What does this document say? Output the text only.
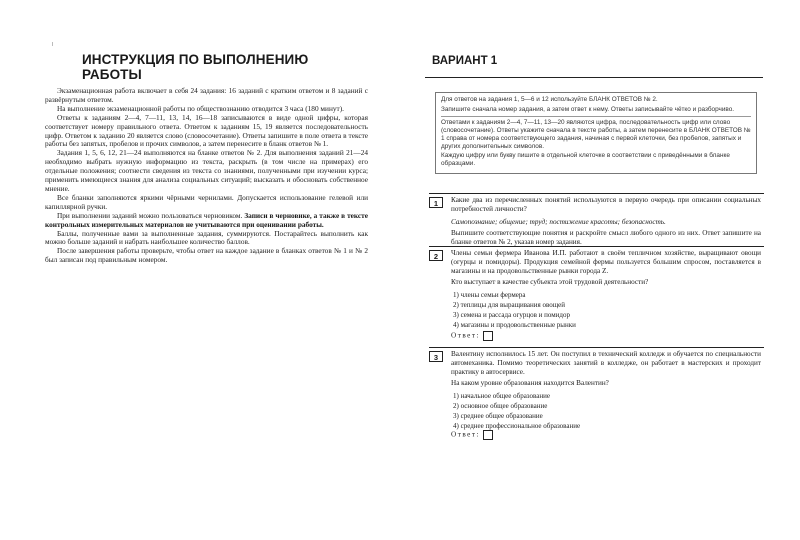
ИНСТРУКЦИЯ ПО ВЫПОЛНЕНИЮ РАБОТЫ

Экзаменационная работа включает в себя 24 задания: 16 заданий с кратким ответом и 8 заданий с развёрнутым ответом.

На выполнение экзаменационной работы по обществознанию отводится 3 часа (180 минут).

Ответы к заданиям 2—4, 7—11, 13, 14, 16—18 записываются в виде одной цифры, которая соответствует номеру правильного ответа. Ответом к заданиям 15, 19 является последовательность цифр. Ответом к заданию 20 является слово (словосочетание). Ответы запишите в поле ответа в тексте работы без запятых, пробелов и прочих символов, а затем перенесите в бланк ответов № 1.

Задания 1, 5, 6, 12, 21—24 выполняются на бланке ответов № 2. Для выполнения заданий 21—24 необходимо выбрать нужную информацию из текста, раскрыть (в том числе на примерах) его отдельные положения; соотнести сведения из текста со знаниями, полученными при изучении курса; применить имеющиеся знания для анализа социальных ситуаций; высказать и обосновать собственное мнение.

Все бланки заполняются яркими чёрными чернилами. Допускается использование гелевой или капиллярной ручки.

При выполнении заданий можно пользоваться черновиком. Записи в черновике, а также в тексте контрольных измерительных материалов не учитываются при оценивании работы.

Баллы, полученные вами за выполненные задания, суммируются. Постарайтесь выполнить как можно больше заданий и набрать наибольшее количество баллов.

После завершения работы проверьте, чтобы ответ на каждое задание в бланках ответов № 1 и № 2 был записан под правильным номером.

ВАРИАНТ 1
Для ответов на задания 1, 5—6 и 12 используйте БЛАНК ОТВЕТОВ № 2.
Запишите сначала номер задания, а затем ответ к нему. Ответы записывайте чётко и разборчиво.
Ответами к заданиям 2—4, 7—11, 13—20 являются цифра, последовательность цифр или слово (словосочетание). Ответы укажите сначала в тексте работы, а затем перенесите в БЛАНК ОТВЕТОВ № 1 справа от номера соответствующего задания, начиная с первой клеточки, без пробелов, запятых и других дополнительных символов.
Каждую цифру или букву пишите в отдельной клеточке в соответствии с приведёнными в бланке образцами.
1	Какие два из перечисленных понятий используются в первую очередь при описании социальных потребностей личности?

Самопознание; общение; труд; постижение красоты; безопасность.

Выпишите соответствующие понятия и раскройте смысл любого одного из них. Ответ запишите на бланке ответов № 2, указав номер задания.

2	Члены семьи фермера Иванова И.П. работают в своём тепличном хозяйстве, выращивают овощи (огурцы и помидоры). Продукция семейной фермы пользуется большим спросом, поставляется в магазины и на продовольственные рынки города Z.

Кто выступает в качестве субъекта этой трудовой деятельности?

1) члены семьи фермера
2) теплицы для выращивания овощей
3) семена и рассада огурцов и помидор
4) магазины и продовольственные рынки
Ответ:
3	Валентину исполнилось 15 лет. Он поступил в технический колледж и обучается по специальности автомеханика. Помимо теоретических занятий в колледже, он работает в мастерских и проходит практику в автосервисе.

На каком уровне образования находится Валентин?

1) начальное общее образование
2) основное общее образование
3) среднее общее образование
4) среднее профессиональное образование
Ответ:
